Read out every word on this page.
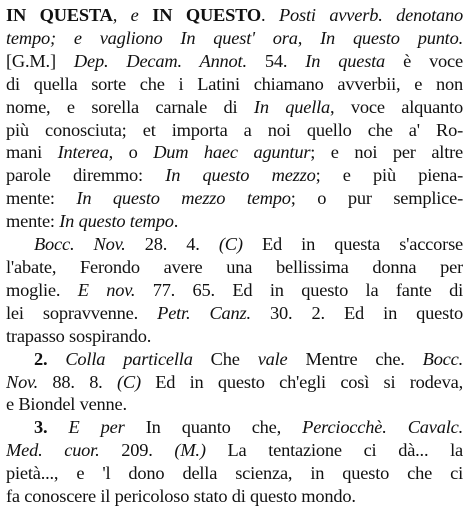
IN QUESTA, e IN QUESTO. Posti avverb. denotano
tempo; e vagliono In quest' ora, In questo punto.
[G.M.] Dep. Decam. Annot. 54. In questa è voce
di quella sorte che i Latini chiamano avverbii, e non
nome, e sorella carnale di In quella, voce alquanto
più conosciuta; et importa a noi quello che a' Ro-
mani Interea, o Dum haec aguntur; e noi per altre
parole diremmo: In questo mezzo; e più piena-
mente: In questo mezzo tempo; o pur semplice-
mente: In questo tempo.
Bocc. Nov. 28. 4. (C) Ed in questa s'accorse
l'abate, Ferondo avere una bellissima donna per
moglie. E nov. 77. 65. Ed in questo la fante di
lei sopravvenne. Petr. Canz. 30. 2. Ed in questo
trapasso sospirando.
2. Colla particella Che vale Mentre che. Bocc.
Nov. 88. 8. (C) Ed in questo ch'egli così si rodeva,
e Biondel venne.
3. E per In quanto che, Perciocchè. Cavalc.
Med. cuor. 209. (M.) La tentazione ci dà... la
pietà..., e 'l dono della scienza, in questo che ci
fa conoscere il pericoloso stato di questo mondo.
